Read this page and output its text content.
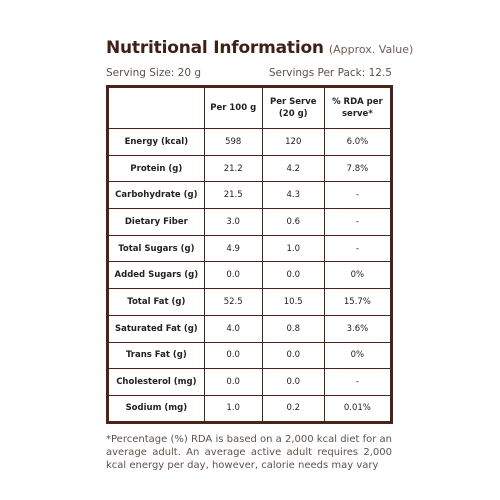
Nutritional Information (Approx. Value)
Serving Size: 20 g	Servings Per Pack: 12.5
	Per 100 g	Per Serve (20 g)	% RDA per serve*
Energy (kcal)	598	120	6.0%
Protein (g)	21.2	4.2	7.8%
Carbohydrate (g)	21.5	4.3	-
Dietary Fiber	3.0	0.6	-
Total Sugars (g)	4.9	1.0	-
Added Sugars (g)	0.0	0.0	0%
Total Fat (g)	52.5	10.5	15.7%
Saturated Fat (g)	4.0	0.8	3.6%
Trans Fat (g)	0.0	0.0	0%
Cholesterol (mg)	0.0	0.0	-
Sodium (mg)	1.0	0.2	0.01%
*Percentage (%) RDA is based on a 2,000 kcal diet for an average adult. An average active adult requires 2,000 kcal energy per day, however, calorie needs may vary
